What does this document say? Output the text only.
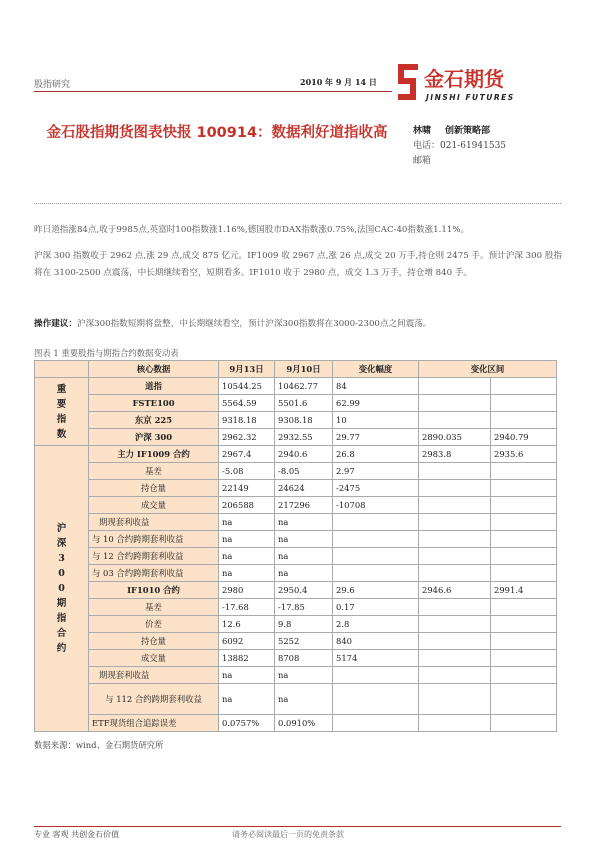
股指研究	2010 年 9 月 14 日 金石期货
JINSHI FUTURES
金石股指期货图表快报 100914：数据利好道指收高	林啸 创新策略部
电话：021-61941535
邮箱
昨日道指涨84点,收于9985点,英富时100指数涨1.16%,德国股市DAX指数涨0.75%,法国CAC-40指数涨1.11%。
沪深 300 指数收于 2962 点,涨 29 点,成交 875 亿元。IF1009 收 2967 点,涨 26 点,成交 20 万手,持仓则 2475 手。预计沪深 300 股指将在 3100-2500 点震荡，中长期继续看空，短期看多。IF1010 收于 2980 点，成交 1.3 万手，持仓增 840 手。
操作建议：沪深300指数短期将盘整，中长期继续看空，预计沪深300指数将在3000-2300点之间震荡。
图表 1 重要股指与期指合约数据变动表
	核心数据	9月13日	9月10日	变化幅度	变化区间	

重要指数	道指	10544.25	10462.77	84		
	FSTE100	5564.59	5501.6	62.99		
	东京 225	9318.18	9308.18	10		
	沪深 300	2962.32	2932.55	29.77	2890.035	2940.79

沪深300期指合约	主力 IF1009 合约	2967.4	2940.6	26.8	2983.8	2935.6
	基差	-5.08	-8.05	2.97		
	持仓量	22149	24624	-2475		
	成交量	206588	217296	-10708		
	期现套利收益	na	na			
	与 10 合约跨期套利收益	na	na			
	与 12 合约跨期套利收益	na	na			
	与 03 合约跨期套利收益	na	na			
	IF1010 合约	2980	2950.4	29.6	2946.6	2991.4
	基差	-17.68	-17.85	0.17		
	价差	12.6	9.8	2.8		
	持仓量	6092	5252	840		
	成交量	13882	8708	5174		
	期现套利收益	na	na			
	与 112 合约跨期套利收益	na	na			
	ETF现货组合追踪误差	0.0757%	0.0910%			
数据来源：wind、金石期货研究所
专业 客观 共创金石价值	请务必阅读最后一页的免责条款
